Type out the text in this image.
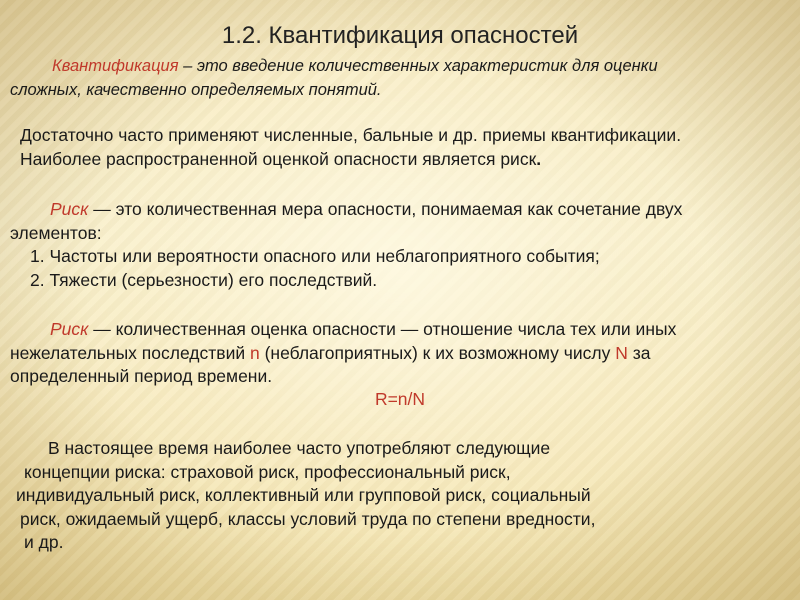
1.2. Квантификация опасностей
Квантификация – это введение количественных характеристик для оценки
сложных, качественно определяемых понятий.
Достаточно часто применяют численные, бальные и др. приемы квантификации.
Наиболее распространенной оценкой опасности является риск.
Риск — это количественная мера опасности, понимаемая как сочетание двух
элементов:
1. Частоты или вероятности опасного или неблагоприятного события;
2. Тяжести (серьезности) его последствий.
Риск — количественная оценка опасности — отношение числа тех или иных
нежелательных последствий n (неблагоприятных) к их возможному числу N за
определенный период времени.
R=n/N
В настоящее время наиболее часто употребляют следующие
концепции риска: страховой риск, профессиональный риск,
индивидуальный риск, коллективный или групповой риск, социальный
риск, ожидаемый ущерб, классы условий труда по степени вредности,
и др.
